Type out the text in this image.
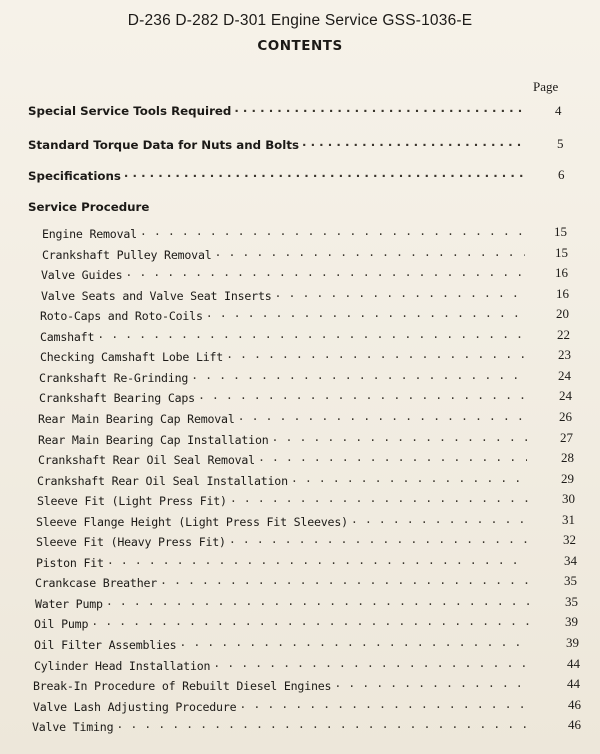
D-236 D-282 D-301 Engine Service GSS-1036-E
CONTENTS
Page
Special Service Tools Required . . .	4
Standard Torque Data for Nuts and Bolts . . .	5
Specifications . . .	6
Service Procedure
Engine Removal . . .	15
Crankshaft Pulley Removal . . .	15
Valve Guides . . .	16
Valve Seats and Valve Seat Inserts . . .	16
Roto-Caps and Roto-Coils . . .	20
Camshaft . . .	22
Checking Camshaft Lobe Lift . . .	23
Crankshaft Re-Grinding . . .	24
Crankshaft Bearing Caps . . .	24
Rear Main Bearing Cap Removal . . .	26
Rear Main Bearing Cap Installation . . .	27
Crankshaft Rear Oil Seal Removal . . .	28
Crankshaft Rear Oil Seal Installation . . .	29
Sleeve Fit (Light Press Fit) . . .	30
Sleeve Flange Height (Light Press Fit Sleeves) . . .	31
Sleeve Fit (Heavy Press Fit) . . .	32
Piston Fit . . .	34
Crankcase Breather . . .	35
Water Pump . . .	35
Oil Pump . . .	39
Oil Filter Assemblies . . .	39
Cylinder Head Installation . . .	44
Break-In Procedure of Rebuilt Diesel Engines . . .	44
Valve Lash Adjusting Procedure . . .	46
Valve Timing . . .	46
